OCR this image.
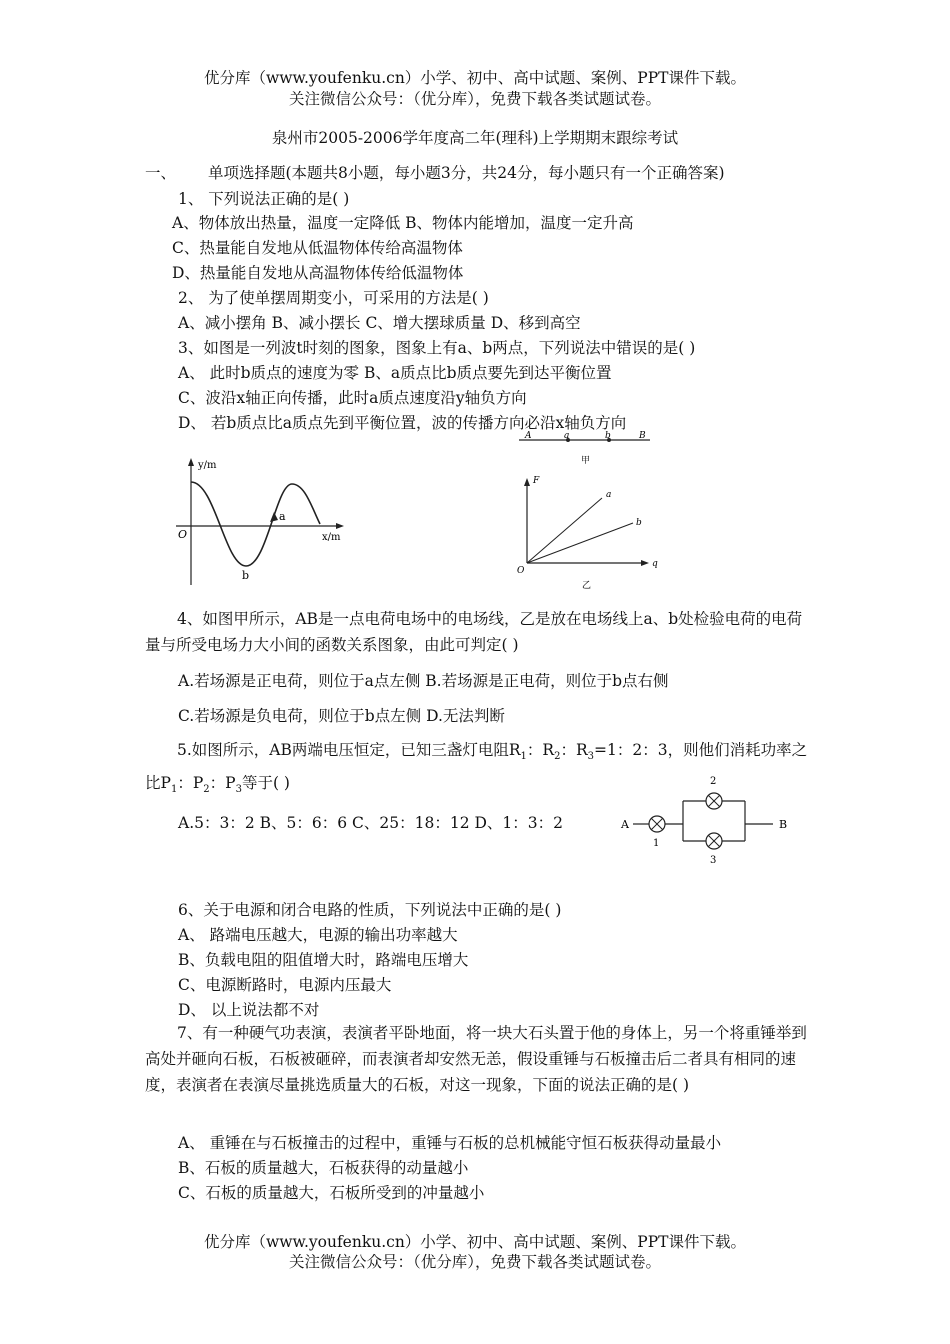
优分库（www.youfenku.cn）小学、初中、高中试题、案例、PPT课件下载。
关注微信公众号：（优分库），免费下载各类试题试卷。
泉州市2005-2006学年度高二年(理科)上学期期末跟综考试
一、 单项选择题(本题共8小题，每小题3分，共24分，每小题只有一个正确答案)
1、 下列说法正确的是( )
A、物体放出热量，温度一定降低 B、物体内能增加，温度一定升高
C、热量能自发地从低温物体传给高温物体
D、热量能自发地从高温物体传给低温物体
2、 为了使单摆周期变小，可采用的方法是( )
A、减小摆角 B、减小摆长 C、增大摆球质量 D、移到高空
3、如图是一列波t时刻的图象，图象上有a、b两点，下列说法中错误的是( )
A、 此时b质点的速度为零 B、a质点比b质点要先到达平衡位置
C、波沿x轴正向传播，此时a质点速度沿y轴负方向
D、 若b质点比a质点先到平衡位置，波的传播方向必沿x轴负方向
y/m
x/m
O
a
b
A	a	b	B
甲
F
q
O
a
b
乙
4、如图甲所示，AB是一点电荷电场中的电场线，乙是放在电场线上a、b处检验电荷的电荷量与所受电场力大小间的函数关系图象，由此可判定( )
A.若场源是正电荷，则位于a点左侧 B.若场源是正电荷，则位于b点右侧
C.若场源是负电荷，则位于b点左侧 D.无法判断
5.如图所示，AB两端电压恒定，已知三盏灯电阻$R_1$：$R_2$：$R_3=1$：2：3，则他们消耗功率之比$P_1$：$P_2$：$P_3$等于( )
A.5：3：2 B、5：6：6 C、25：18：12 D、1：3：2	A
1
2
3
B
6、关于电源和闭合电路的性质，下列说法中正确的是( )
A、 路端电压越大，电源的输出功率越大
B、负载电阻的阻值增大时，路端电压增大
C、电源断路时，电源内压最大
D、 以上说法都不对
7、有一种硬气功表演，表演者平卧地面，将一块大石头置于他的身体上，另一个将重锤举到高处并砸向石板，石板被砸碎，而表演者却安然无恙，假设重锤与石板撞击后二者具有相同的速度，表演者在表演尽量挑选质量大的石板，对这一现象，下面的说法正确的是( )
A、 重锤在与石板撞击的过程中，重锤与石板的总机械能守恒石板获得动量最小
B、石板的质量越大，石板获得的动量越小
C、石板的质量越大，石板所受到的冲量越小
优分库（www.youfenku.cn）小学、初中、高中试题、案例、PPT课件下载。
关注微信公众号：（优分库），免费下载各类试题试卷。
